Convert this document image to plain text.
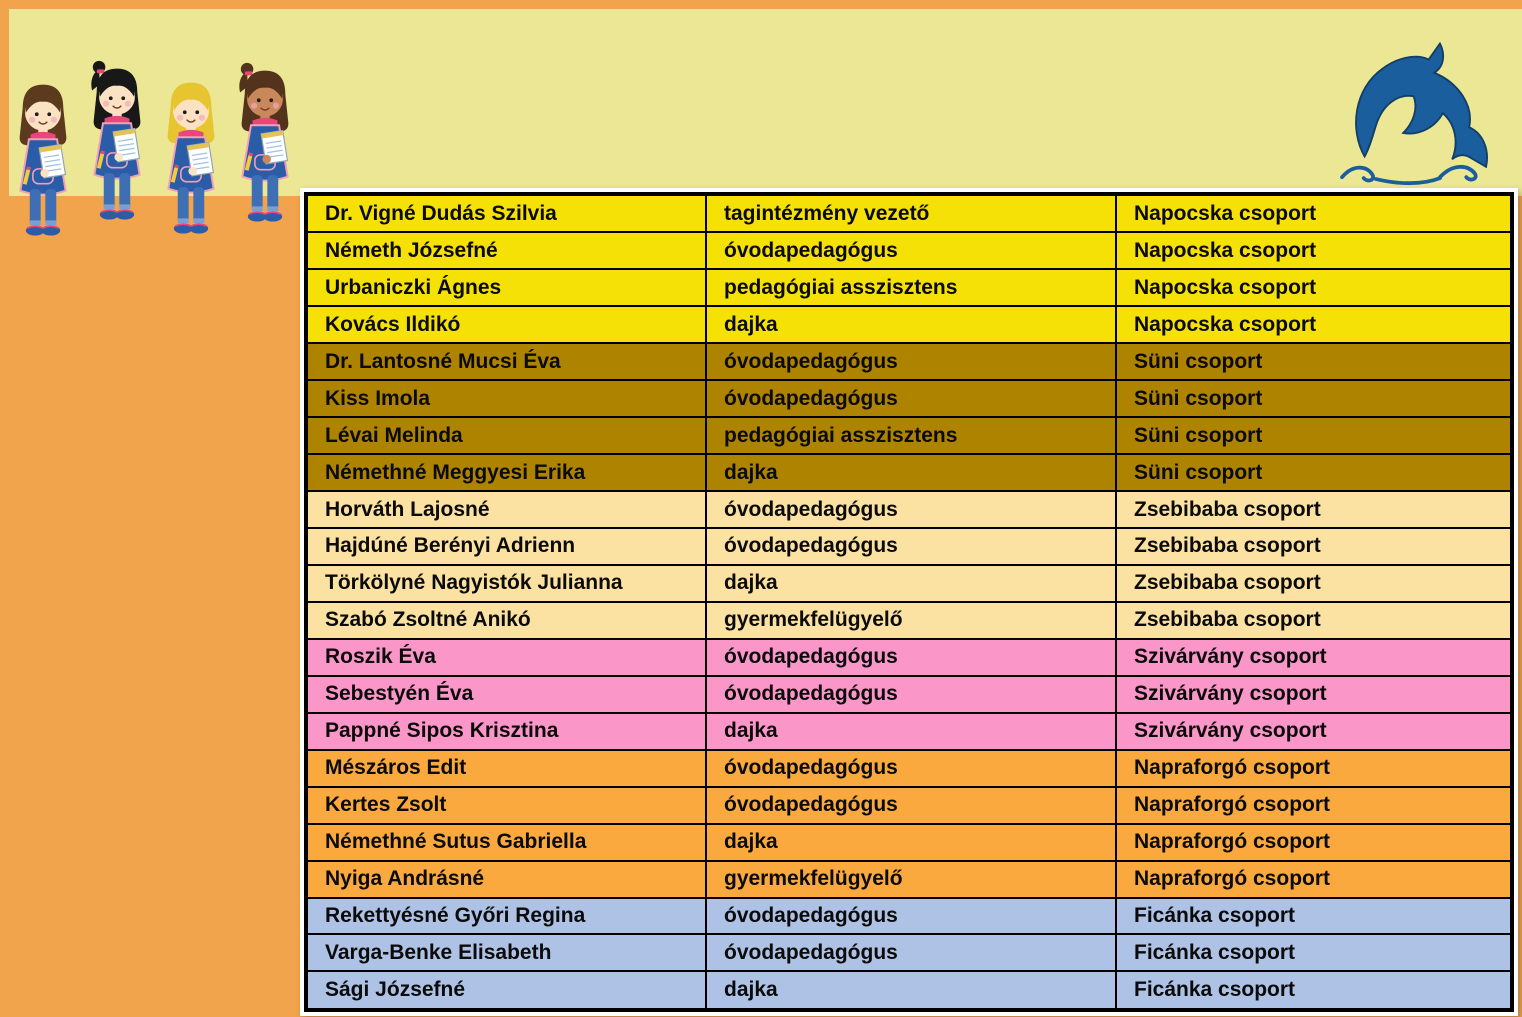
Dr. Vigné Dudás Szilvia	tagintézmény vezető	Napocska csoport
Németh Józsefné	óvodapedagógus	Napocska csoport
Urbaniczki Ágnes	pedagógiai asszisztens	Napocska csoport
Kovács Ildikó	dajka	Napocska csoport
Dr. Lantosné Mucsi Éva	óvodapedagógus	Süni csoport
Kiss Imola	óvodapedagógus	Süni csoport
Lévai Melinda	pedagógiai asszisztens	Süni csoport
Némethné Meggyesi Erika	dajka	Süni csoport
Horváth Lajosné	óvodapedagógus	Zsebibaba csoport
Hajdúné Berényi Adrienn	óvodapedagógus	Zsebibaba csoport
Törkölyné Nagyistók Julianna	dajka	Zsebibaba csoport
Szabó Zsoltné Anikó	gyermekfelügyelő	Zsebibaba csoport
Roszik Éva	óvodapedagógus	Szivárvány csoport
Sebestyén Éva	óvodapedagógus	Szivárvány csoport
Pappné Sipos Krisztina	dajka	Szivárvány csoport
Mészáros Edit	óvodapedagógus	Napraforgó csoport
Kertes Zsolt	óvodapedagógus	Napraforgó csoport
Némethné Sutus Gabriella	dajka	Napraforgó csoport
Nyiga Andrásné	gyermekfelügyelő	Napraforgó csoport
Rekettyésné Győri Regina	óvodapedagógus	Ficánka csoport
Varga-Benke Elisabeth	óvodapedagógus	Ficánka csoport
Sági Józsefné	dajka	Ficánka csoport
